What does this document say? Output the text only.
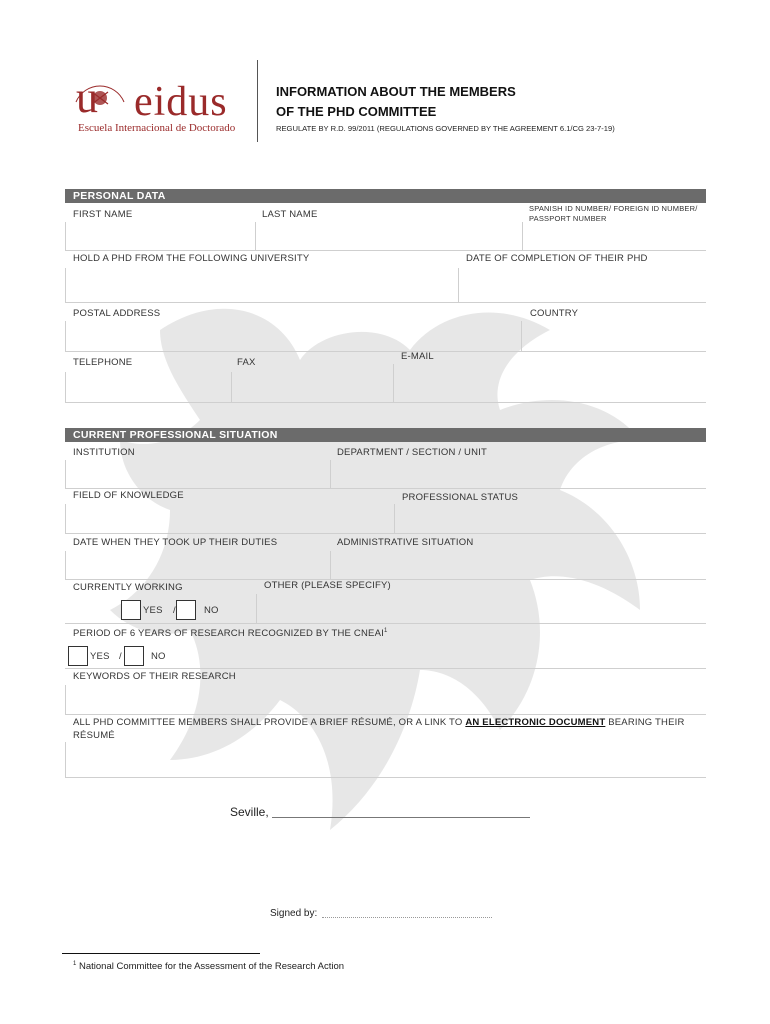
u eidus
Escuela Internacional de Doctorado
INFORMATION ABOUT THE MEMBERS
OF THE PHD COMMITTEE
REGULATE BY R.D. 99/2011 (REGULATIONS GOVERNED BY THE AGREEMENT 6.1/CG 23-7-19)
PERSONAL DATA
FIRST NAME	LAST NAME
SPANISH ID NUMBER/ FOREIGN ID NUMBER/ PASSPORT NUMBER
HOLD A PHD FROM THE FOLLOWING UNIVERSITY	DATE OF COMPLETION OF THEIR PHD
POSTAL ADDRESS	COUNTRY
TELEPHONE	FAX
E-MAIL
CURRENT PROFESSIONAL SITUATION
INSTITUTION	DEPARTMENT / SECTION / UNIT
FIELD OF KNOWLEDGE	PROFESSIONAL STATUS
DATE WHEN THEY TOOK UP THEIR DUTIES	ADMINISTRATIVE SITUATION
CURRENTLY WORKING	OTHER (PLEASE SPECIFY)
YES /	NO
PERIOD OF 6 YEARS OF RESEARCH RECOGNIZED BY THE CNEAI$^1$
YES /	NO
KEYWORDS OF THEIR RESEARCH
ALL PHD COMMITTEE MEMBERS SHALL PROVIDE A BRIEF RÉSUMÉ, OR A LINK TO AN ELECTRONIC DOCUMENT BEARING THEIR
RÉSUMÉ
Seville,
Signed by:
$^1$ National Committee for the Assessment of the Research Action
